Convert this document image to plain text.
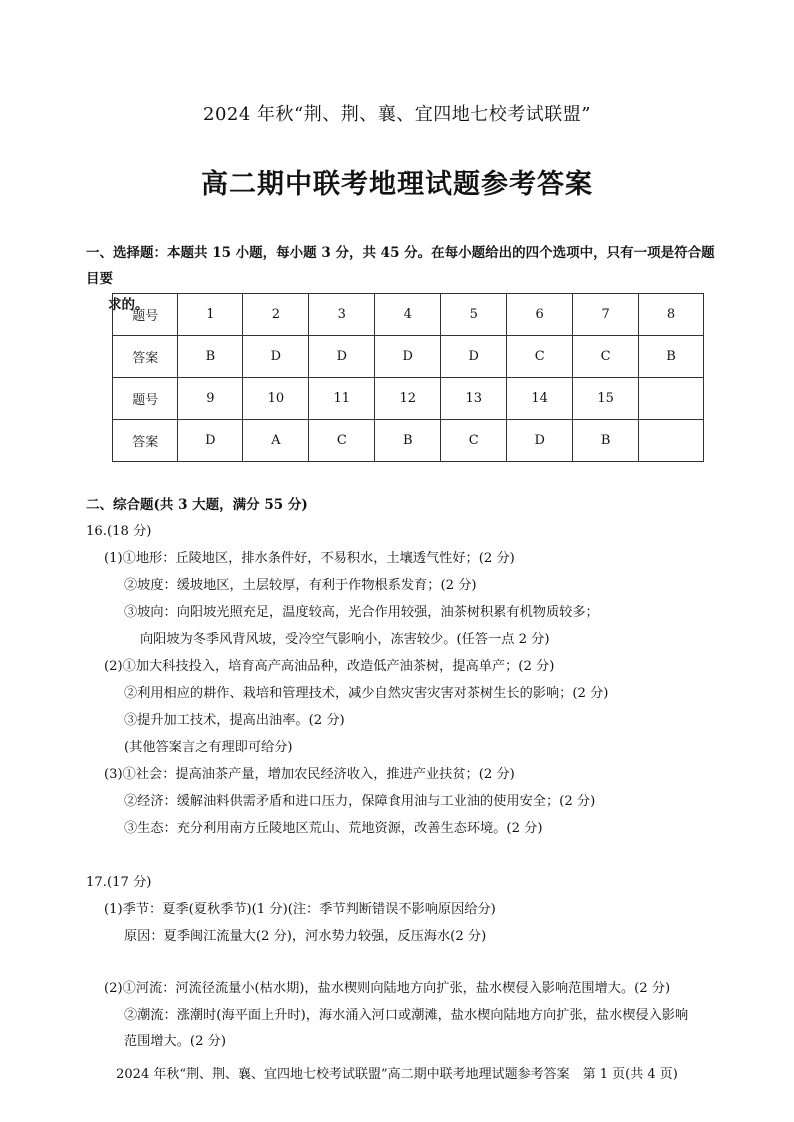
2024 年秋“荆、荆、襄、宜四地七校考试联盟”
高二期中联考地理试题参考答案
一、选择题：本题共 15 小题，每小题 3 分，共 45 分。在每小题给出的四个选项中，只有一项是符合题目要
求的。
题号	1	2	3	4	5	6	7	8
答案	B	D	D	D	D	C	C	B
题号	9	10	11	12	13	14	15	
答案	D	A	C	B	C	D	B	
二、综合题(共 3 大题，满分 55 分)
16.(18 分)
(1)①地形：丘陵地区，排水条件好，不易积水，土壤透气性好；(2 分)
②坡度：缓坡地区，土层较厚，有利于作物根系发育；(2 分)
③坡向：向阳坡光照充足，温度较高，光合作用较强，油茶树积累有机物质较多；
向阳坡为冬季风背风坡，受冷空气影响小，冻害较少。(任答一点 2 分)
(2)①加大科技投入，培育高产高油品种，改造低产油茶树，提高单产；(2 分)
②利用相应的耕作、栽培和管理技术，减少自然灾害灾害对茶树生长的影响；(2 分)
③提升加工技术，提高出油率。(2 分)
(其他答案言之有理即可给分)
(3)①社会：提高油茶产量，增加农民经济收入，推进产业扶贫；(2 分)
②经济：缓解油料供需矛盾和进口压力，保障食用油与工业油的使用安全；(2 分)
③生态：充分利用南方丘陵地区荒山、荒地资源，改善生态环境。(2 分)
17.(17 分)
(1)季节：夏季(夏秋季节)(1 分)(注：季节判断错误不影响原因给分)
原因：夏季闽江流量大(2 分)，河水势力较强，反压海水(2 分)
(2)①河流：河流径流量小(枯水期)，盐水楔则向陆地方向扩张，盐水楔侵入影响范围增大。(2 分)
②潮流：涨潮时(海平面上升时)，海水涌入河口或潮滩，盐水楔向陆地方向扩张，盐水楔侵入影响
范围增大。(2 分)
2024 年秋“荆、荆、襄、宜四地七校考试联盟”高二期中联考地理试题参考答案　第 1 页(共 4 页)
